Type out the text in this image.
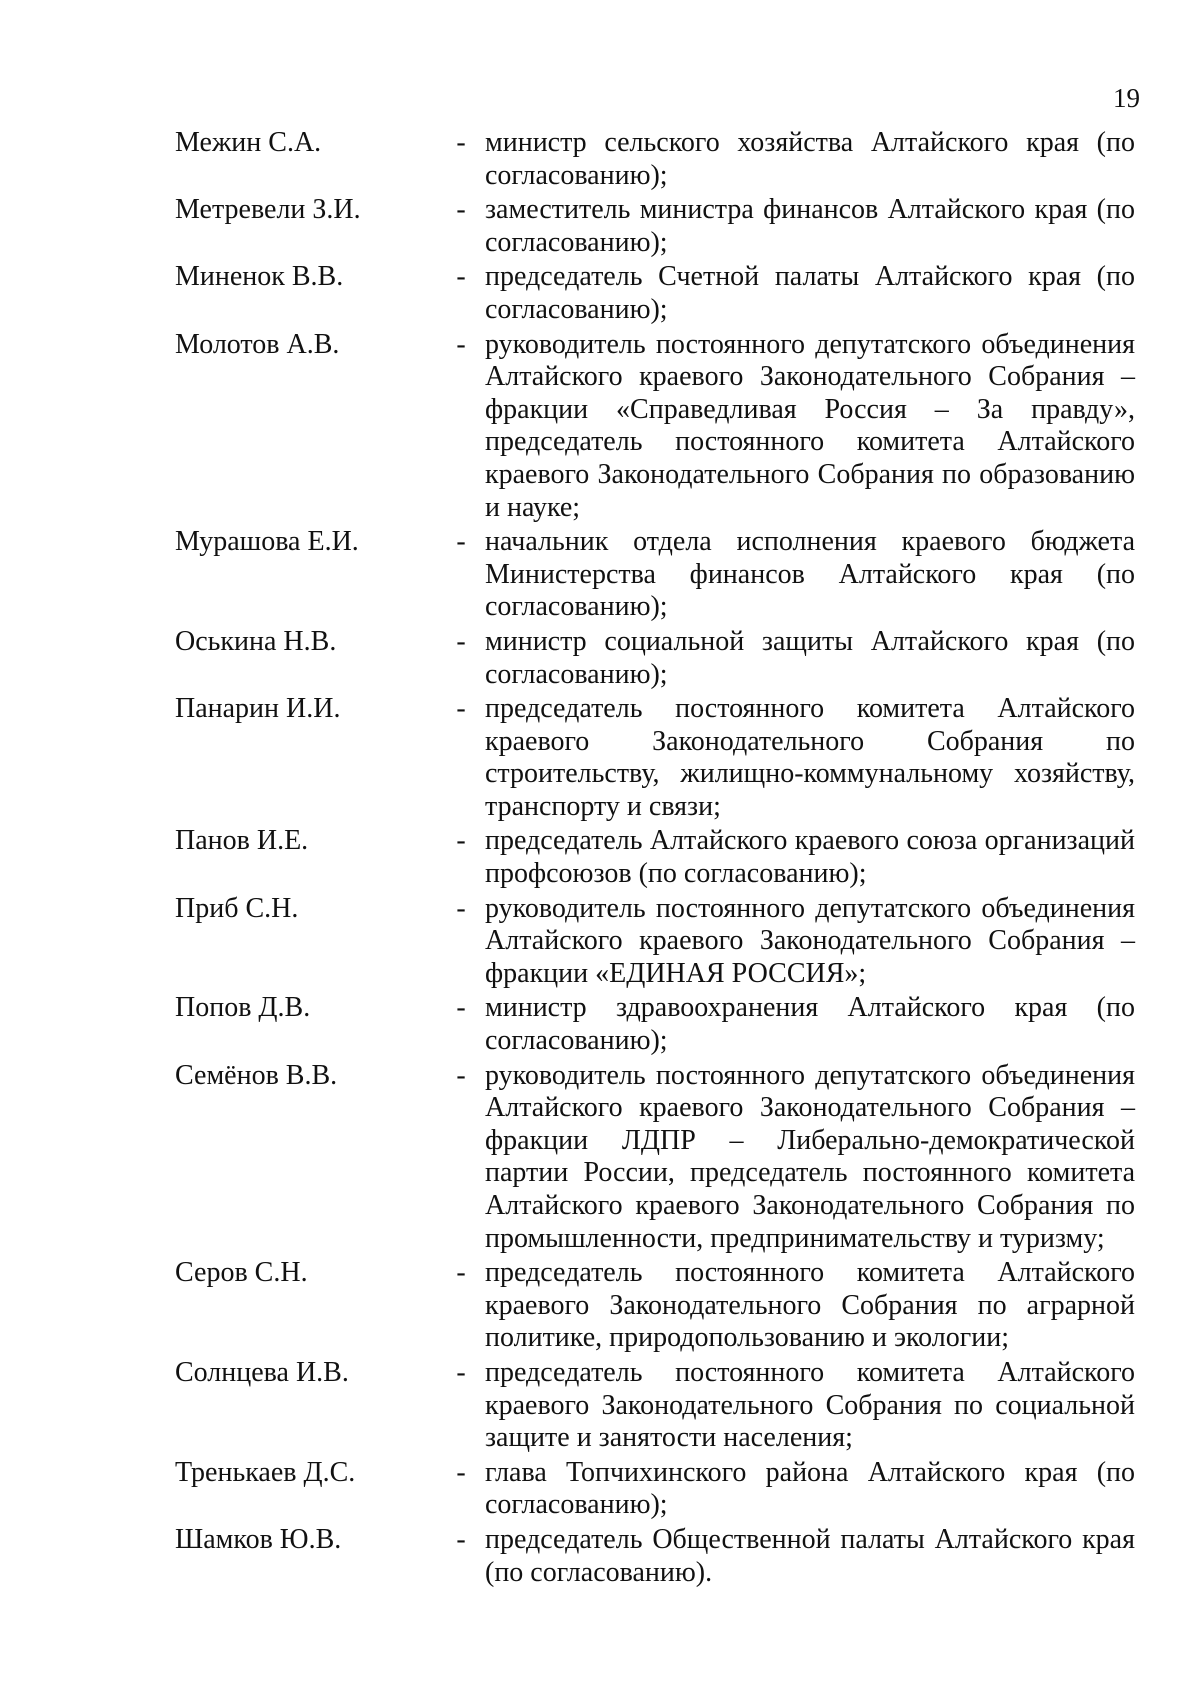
19
Межин С.А.	- министр сельского хозяйства Алтайского края (по согласованию);
Метревели З.И.	- заместитель министра финансов Алтайского края (по согласованию);
Миненок В.В.	- председатель Счетной палаты Алтайского края (по согласованию);
Молотов А.В.	- руководитель постоянного депутатского объединения Алтайского краевого Законодательного Собрания – фракции «Справедливая Россия – За правду», председатель постоянного комитета Алтайского краевого Законодательного Собрания по образованию и науке;
Мурашова Е.И.	- начальник отдела исполнения краевого бюджета Министерства финансов Алтайского края (по согласованию);
Оськина Н.В.	- министр социальной защиты Алтайского края (по согласованию);
Панарин И.И.	- председатель постоянного комитета Алтайского краевого Законодательного Собрания по строительству, жилищно-коммунальному хозяйству, транспорту и связи;
Панов И.Е.	- председатель Алтайского краевого союза организаций профсоюзов (по согласованию);
Приб С.Н.	- руководитель постоянного депутатского объединения Алтайского краевого Законодательного Собрания – фракции «ЕДИНАЯ РОССИЯ»;
Попов Д.В.	- министр здравоохранения Алтайского края (по согласованию);
Семёнов В.В.	- руководитель постоянного депутатского объединения Алтайского краевого Законодательного Собрания – фракции ЛДПР – Либерально-демократической партии России, председатель постоянного комитета Алтайского краевого Законодательного Собрания по промышленности, предпринимательству и туризму;
Серов С.Н.	- председатель постоянного комитета Алтайского краевого Законодательного Собрания по аграрной политике, природопользованию и экологии;
Солнцева И.В.	- председатель постоянного комитета Алтайского краевого Законодательного Собрания по социальной защите и занятости населения;
Тренькаев Д.С.	- глава Топчихинского района Алтайского края (по согласованию);
Шамков Ю.В.	- председатель Общественной палаты Алтайского края (по согласованию).
